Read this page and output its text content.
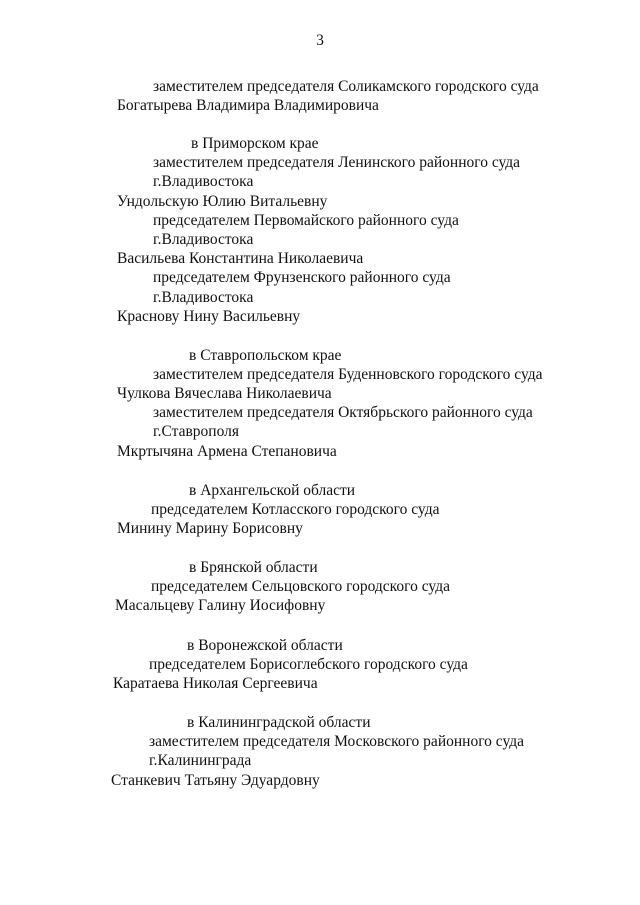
3
заместителем председателя Соликамского городского суда
Богатырева Владимира Владимировича
в Приморском крае
заместителем председателя Ленинского районного суда
г.Владивостока
Ундольскую Юлию Витальевну
председателем Первомайского районного суда
г.Владивостока
Васильева Константина Николаевича
председателем Фрунзенского районного суда
г.Владивостока
Краснову Нину Васильевну
в Ставропольском крае
заместителем председателя Буденновского городского суда
Чулкова Вячеслава Николаевича
заместителем председателя Октябрьского районного суда
г.Ставрополя
Мкртычяна Армена Степановича
в Архангельской области
председателем Котласского городского суда
Минину Марину Борисовну
в Брянской области
председателем Сельцовского городского суда
Масальцеву Галину Иосифовну
в Воронежской области
председателем Борисоглебского городского суда
Каратаева Николая Сергеевича
в Калининградской области
заместителем председателя Московского районного суда
г.Калининграда
Станкевич Татьяну Эдуардовну
